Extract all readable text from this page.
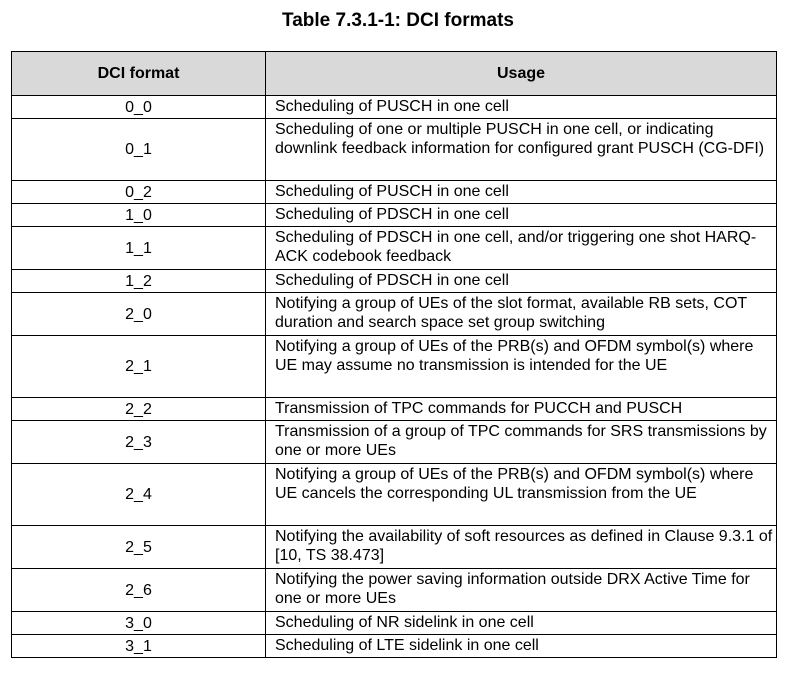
Table 7.3.1-1: DCI formats
DCI format	Usage
0_0	Scheduling of PUSCH in one cell
0_1	Scheduling of one or multiple PUSCH in one cell, or indicating downlink feedback information for configured grant PUSCH (CG-DFI)
0_2	Scheduling of PUSCH in one cell
1_0	Scheduling of PDSCH in one cell
1_1	Scheduling of PDSCH in one cell, and/or triggering one shot HARQ-ACK codebook feedback
1_2	Scheduling of PDSCH in one cell
2_0	Notifying a group of UEs of the slot format, available RB sets, COT duration and search space set group switching
2_1	Notifying a group of UEs of the PRB(s) and OFDM symbol(s) where UE may assume no transmission is intended for the UE
2_2	Transmission of TPC commands for PUCCH and PUSCH
2_3	Transmission of a group of TPC commands for SRS transmissions by one or more UEs
2_4	Notifying a group of UEs of the PRB(s) and OFDM symbol(s) where UE cancels the corresponding UL transmission from the UE
2_5	Notifying the availability of soft resources as defined in Clause 9.3.1 of [10, TS 38.473]
2_6	Notifying the power saving information outside DRX Active Time for one or more UEs
3_0	Scheduling of NR sidelink in one cell
3_1	Scheduling of LTE sidelink in one cell
